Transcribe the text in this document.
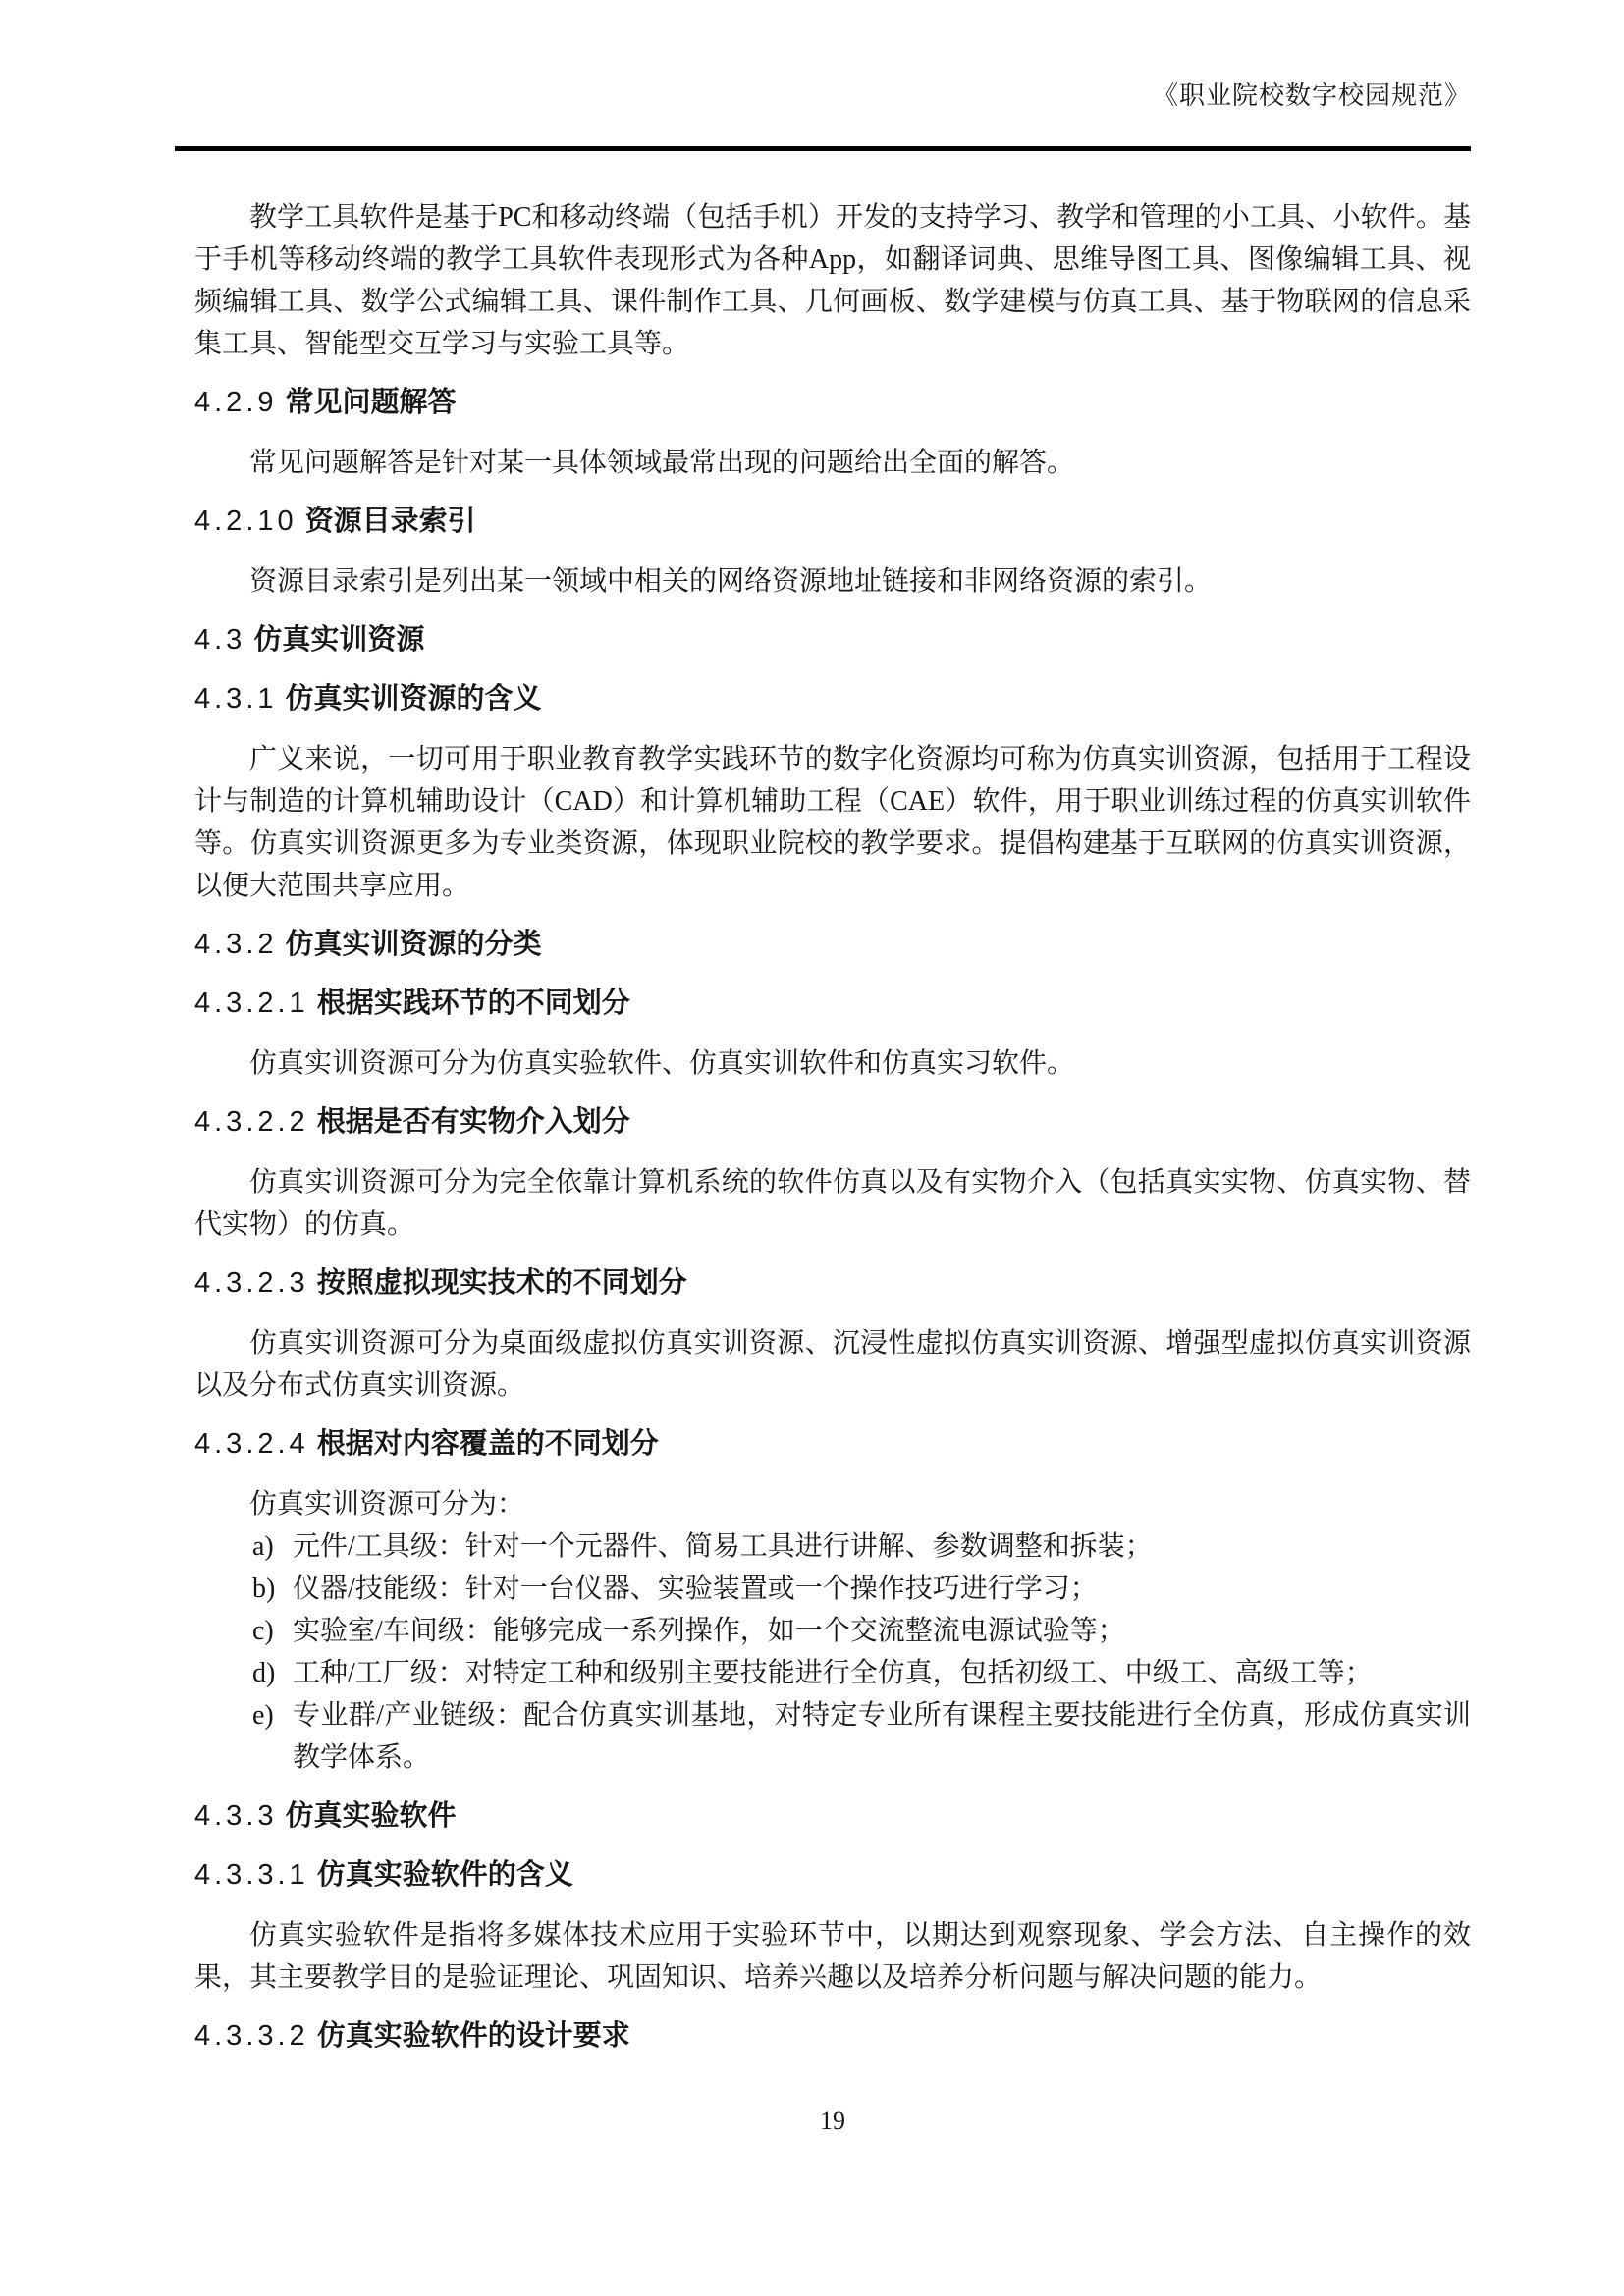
《职业院校数字校园规范》

教学工具软件是基于PC和移动终端（包括手机）开发的支持学习、教学和管理的小工具、小软件。基于手机等移动终端的教学工具软件表现形式为各种App，如翻译词典、思维导图工具、图像编辑工具、视频编辑工具、数学公式编辑工具、课件制作工具、几何画板、数学建模与仿真工具、基于物联网的信息采集工具、智能型交互学习与实验工具等。

4.2.9 常见问题解答

常见问题解答是针对某一具体领域最常出现的问题给出全面的解答。

4.2.10 资源目录索引

资源目录索引是列出某一领域中相关的网络资源地址链接和非网络资源的索引。

4.3 仿真实训资源
4.3.1 仿真实训资源的含义

广义来说，一切可用于职业教育教学实践环节的数字化资源均可称为仿真实训资源，包括用于工程设计与制造的计算机辅助设计（CAD）和计算机辅助工程（CAE）软件，用于职业训练过程的仿真实训软件等。仿真实训资源更多为专业类资源，体现职业院校的教学要求。提倡构建基于互联网的仿真实训资源，以便大范围共享应用。

4.3.2 仿真实训资源的分类
4.3.2.1 根据实践环节的不同划分

仿真实训资源可分为仿真实验软件、仿真实训软件和仿真实习软件。

4.3.2.2 根据是否有实物介入划分

仿真实训资源可分为完全依靠计算机系统的软件仿真以及有实物介入（包括真实实物、仿真实物、替代实物）的仿真。

4.3.2.3 按照虚拟现实技术的不同划分

仿真实训资源可分为桌面级虚拟仿真实训资源、沉浸性虚拟仿真实训资源、增强型虚拟仿真实训资源以及分布式仿真实训资源。

4.3.2.4 根据对内容覆盖的不同划分

仿真实训资源可分为：

a) 元件/工具级：针对一个元器件、简易工具进行讲解、参数调整和拆装；
b) 仪器/技能级：针对一台仪器、实验装置或一个操作技巧进行学习；
c) 实验室/车间级：能够完成一系列操作，如一个交流整流电源试验等；
d) 工种/工厂级：对特定工种和级别主要技能进行全仿真，包括初级工、中级工、高级工等；
e) 专业群/产业链级：配合仿真实训基地，对特定专业所有课程主要技能进行全仿真，形成仿真实训教学体系。
4.3.3 仿真实验软件
4.3.3.1 仿真实验软件的含义

仿真实验软件是指将多媒体技术应用于实验环节中，以期达到观察现象、学会方法、自主操作的效果，其主要教学目的是验证理论、巩固知识、培养兴趣以及培养分析问题与解决问题的能力。

4.3.3.2 仿真实验软件的设计要求
19
